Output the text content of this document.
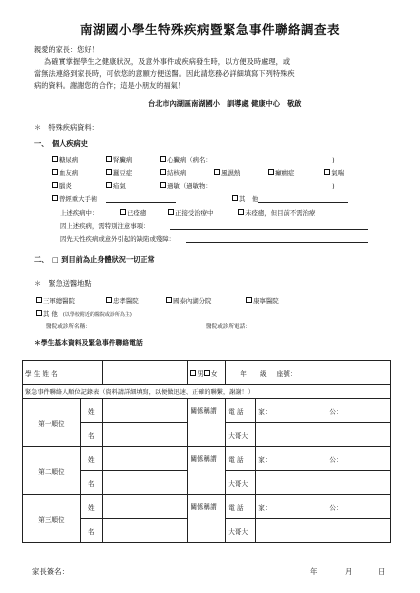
南湖國小學生特殊疾病暨緊急事件聯絡調查表
親愛的家長：您好！
為確實掌握學生之健康狀況，及意外事件或疾病發生時，以方便及時處理，或
當無法連絡到家長時，可依您的意願方便送醫。因此請您務必詳細填寫下列特殊疾
病的資料。謝謝您的合作；這是小朋友的福氣！
台北市內湖區南湖國小　訓導處 健康中心　敬啟
＊　特殊疾病資料：
一、　個人疾病史
糖尿病	腎臟病	心臟病（病名：	)
血友病	蠶豆症	結核病	風濕熱	癲癇症	氣喘
腦炎	疝氣	過敏（過敏物：	)
曾經重大手術	其　他
上述疾病中：	已痊癒	正接受治療中	未痊癒，但目前不需治療
因上述疾病，需特別注意事項：
因先天性疾病或意外引起的缺陷或殘障：
二、　□ 到目前為止身體狀況一切正常
＊　緊急送醫地點
三軍總醫院	忠孝醫院	國泰內湖分院	康寧醫院
其 他 (以學校附近的醫院或診所為主)
醫院或診所名稱：	醫院或診所電話：
＊學生基本資料及緊急事件聯絡電話
學 生 姓 名			男 女	年　　級 座號：	
緊急事件聯絡人順位記錄表（資料請詳細填寫，以便做迅速、正確的聯繫，謝謝！）					
第一順位	姓		關係稱謂	電 話	家： 公：
	名			大哥大	
第二順位	姓		關係稱謂	電 話	家： 公：
	名			大哥大	
第三順位	姓		關係稱謂	電 話	家： 公：
	名			大哥大	
家長簽名：	年	月	日
